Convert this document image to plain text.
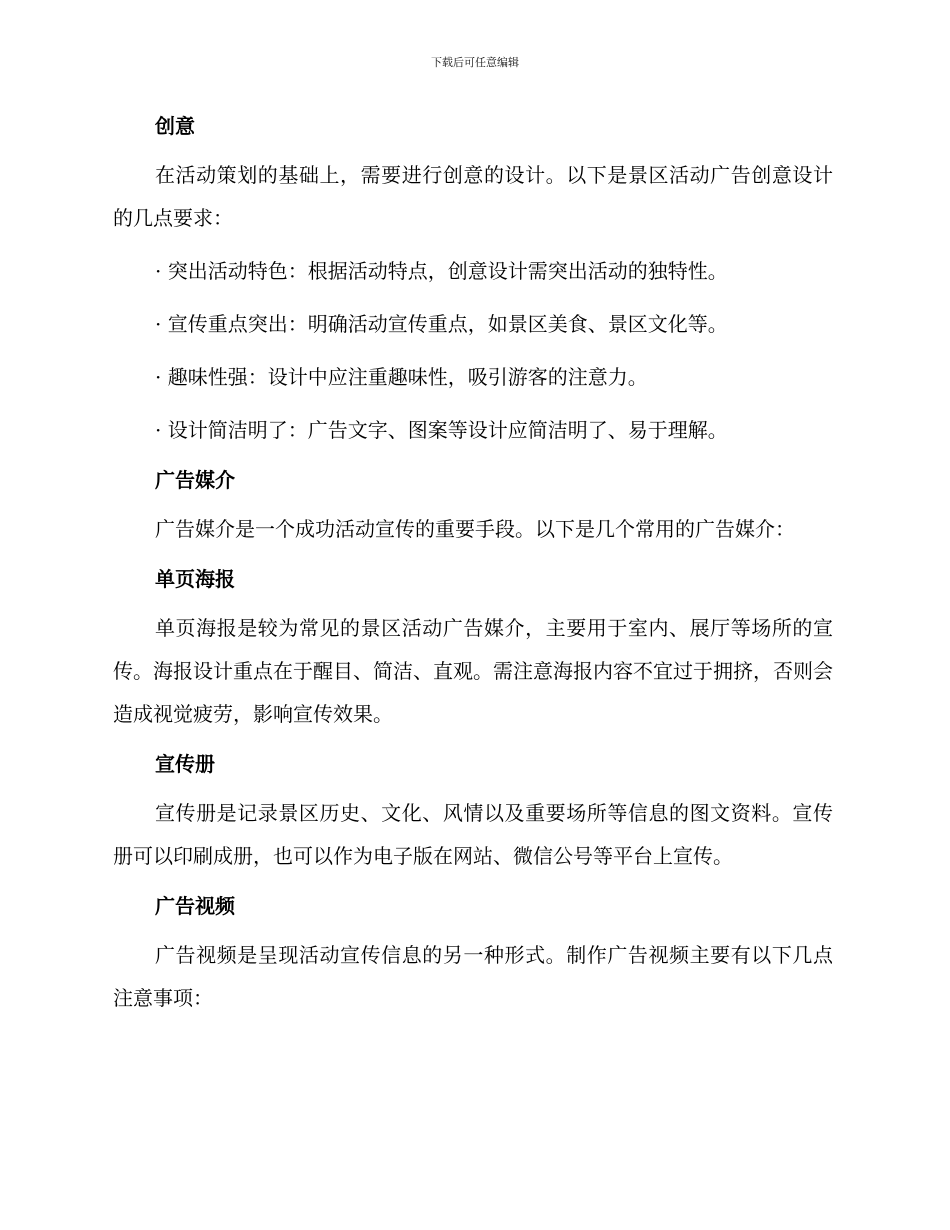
下载后可任意编辑
创意

在活动策划的基础上，需要进行创意的设计。以下是景区活动广告创意设计的几点要求：

· 突出活动特色：根据活动特点，创意设计需突出活动的独特性。

· 宣传重点突出：明确活动宣传重点，如景区美食、景区文化等。

· 趣味性强：设计中应注重趣味性，吸引游客的注意力。

· 设计简洁明了：广告文字、图案等设计应简洁明了、易于理解。

广告媒介

广告媒介是一个成功活动宣传的重要手段。以下是几个常用的广告媒介：

单页海报

单页海报是较为常见的景区活动广告媒介，主要用于室内、展厅等场所的宣传。海报设计重点在于醒目、简洁、直观。需注意海报内容不宜过于拥挤，否则会造成视觉疲劳，影响宣传效果。

宣传册

宣传册是记录景区历史、文化、风情以及重要场所等信息的图文资料。宣传册可以印刷成册，也可以作为电子版在网站、微信公号等平台上宣传。

广告视频

广告视频是呈现活动宣传信息的另一种形式。制作广告视频主要有以下几点注意事项：
